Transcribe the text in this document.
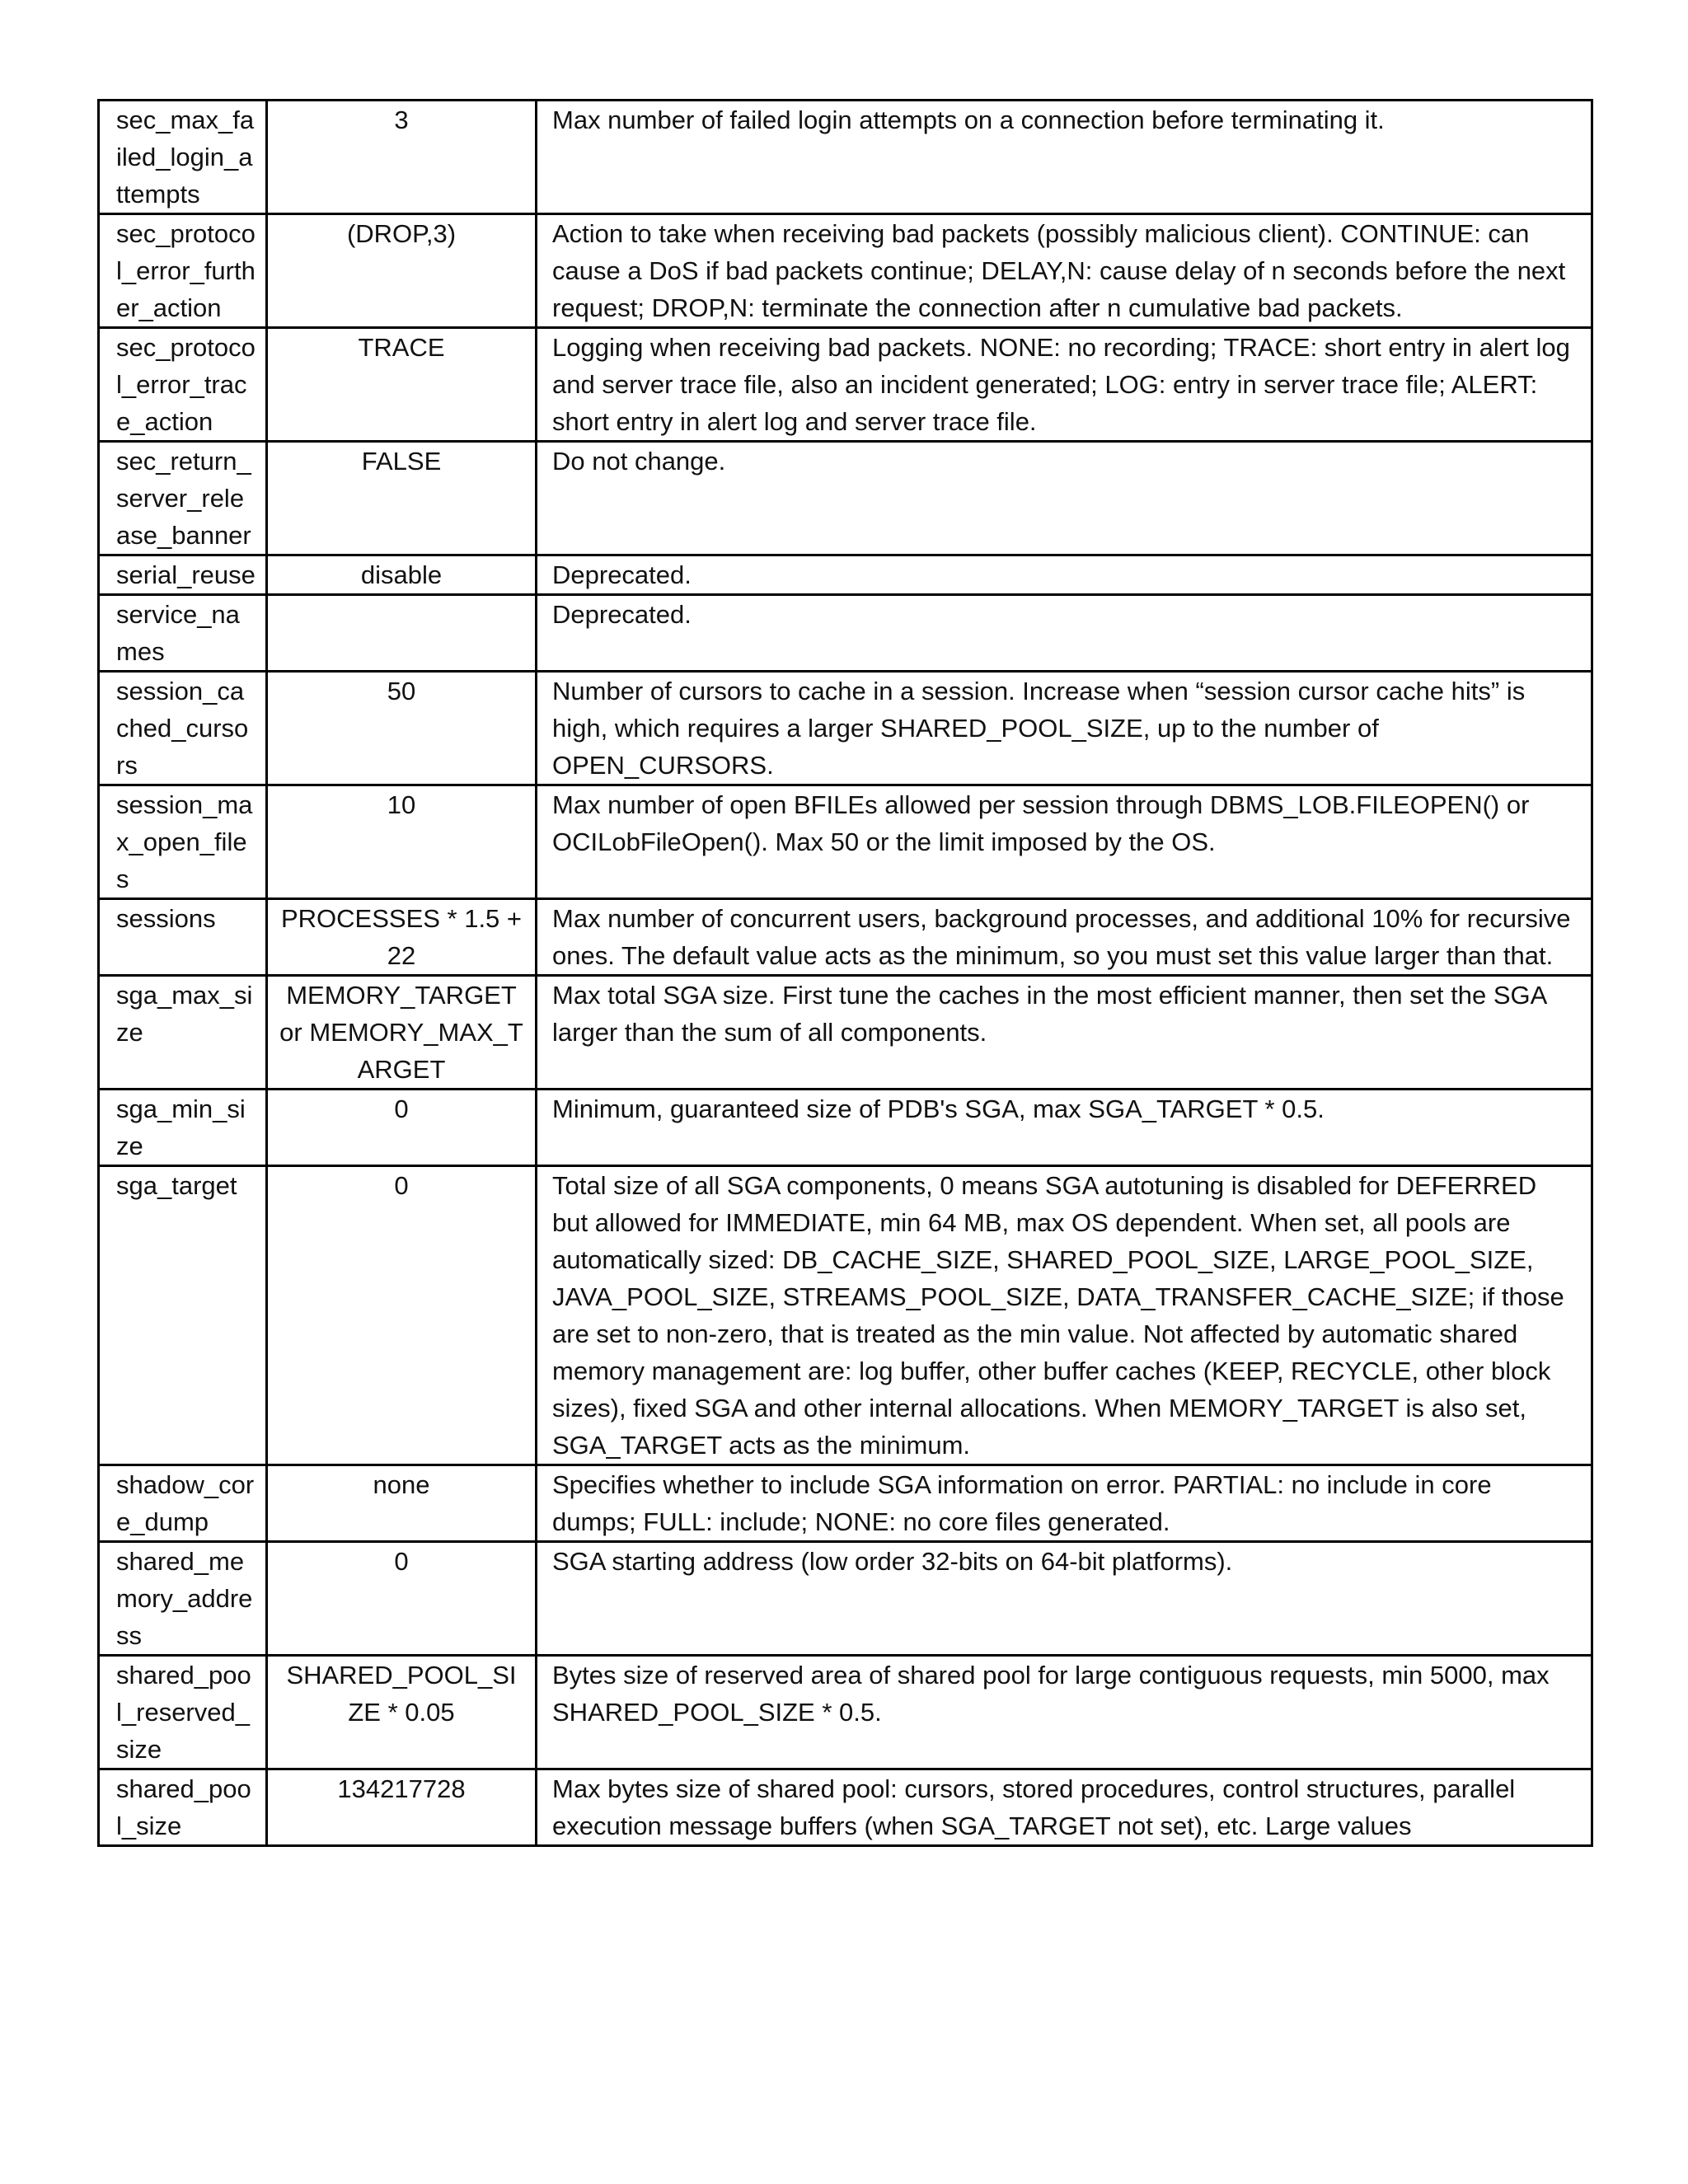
sec_max_failed_login_attempts	3	Max number of failed login attempts on a connection before terminating it.
sec_protocol_error_further_action	(DROP,3)	Action to take when receiving bad packets (possibly malicious client). CONTINUE: can cause a DoS if bad packets continue; DELAY,N: cause delay of n seconds before the next request; DROP,N: terminate the connection after n cumulative bad packets.
sec_protocol_error_trace_action	TRACE	Logging when receiving bad packets. NONE: no recording; TRACE: short entry in alert log and server trace file, also an incident generated; LOG: entry in server trace file; ALERT: short entry in alert log and server trace file.
sec_return_server_release_banner	FALSE	Do not change.
serial_reuse	disable	Deprecated.
service_names		Deprecated.
session_cached_cursors	50	Number of cursors to cache in a session. Increase when “session cursor cache hits” is high, which requires a larger SHARED_POOL_SIZE, up to the number of OPEN_CURSORS.
session_max_open_files	10	Max number of open BFILEs allowed per session through DBMS_LOB.FILEOPEN() or OCILobFileOpen(). Max 50 or the limit imposed by the OS.
sessions	PROCESSES * 1.5 + 22	Max number of concurrent users, background processes, and additional 10% for recursive ones. The default value acts as the minimum, so you must set this value larger than that.
sga_max_size	MEMORY_TARGET or MEMORY_MAX_TARGET	Max total SGA size. First tune the caches in the most efficient manner, then set the SGA larger than the sum of all components.
sga_min_size	0	Minimum, guaranteed size of PDB's SGA, max SGA_TARGET * 0.5.
sga_target	0	Total size of all SGA components, 0 means SGA autotuning is disabled for DEFERRED but allowed for IMMEDIATE, min 64 MB, max OS dependent. When set, all pools are automatically sized: DB_CACHE_SIZE, SHARED_POOL_SIZE, LARGE_POOL_SIZE, JAVA_POOL_SIZE, STREAMS_POOL_SIZE, DATA_TRANSFER_CACHE_SIZE; if those are set to non-zero, that is treated as the min value. Not affected by automatic shared memory management are: log buffer, other buffer caches (KEEP, RECYCLE, other block sizes), fixed SGA and other internal allocations. When MEMORY_TARGET is also set, SGA_TARGET acts as the minimum.
shadow_core_dump	none	Specifies whether to include SGA information on error. PARTIAL: no include in core dumps; FULL: include; NONE: no core files generated.
shared_memory_address	0	SGA starting address (low order 32-bits on 64-bit platforms).
shared_pool_reserved_size	SHARED_POOL_SIZE * 0.05	Bytes size of reserved area of shared pool for large contiguous requests, min 5000, max SHARED_POOL_SIZE * 0.5.
shared_pool_size	134217728	Max bytes size of shared pool: cursors, stored procedures, control structures, parallel execution message buffers (when SGA_TARGET not set), etc. Large values
